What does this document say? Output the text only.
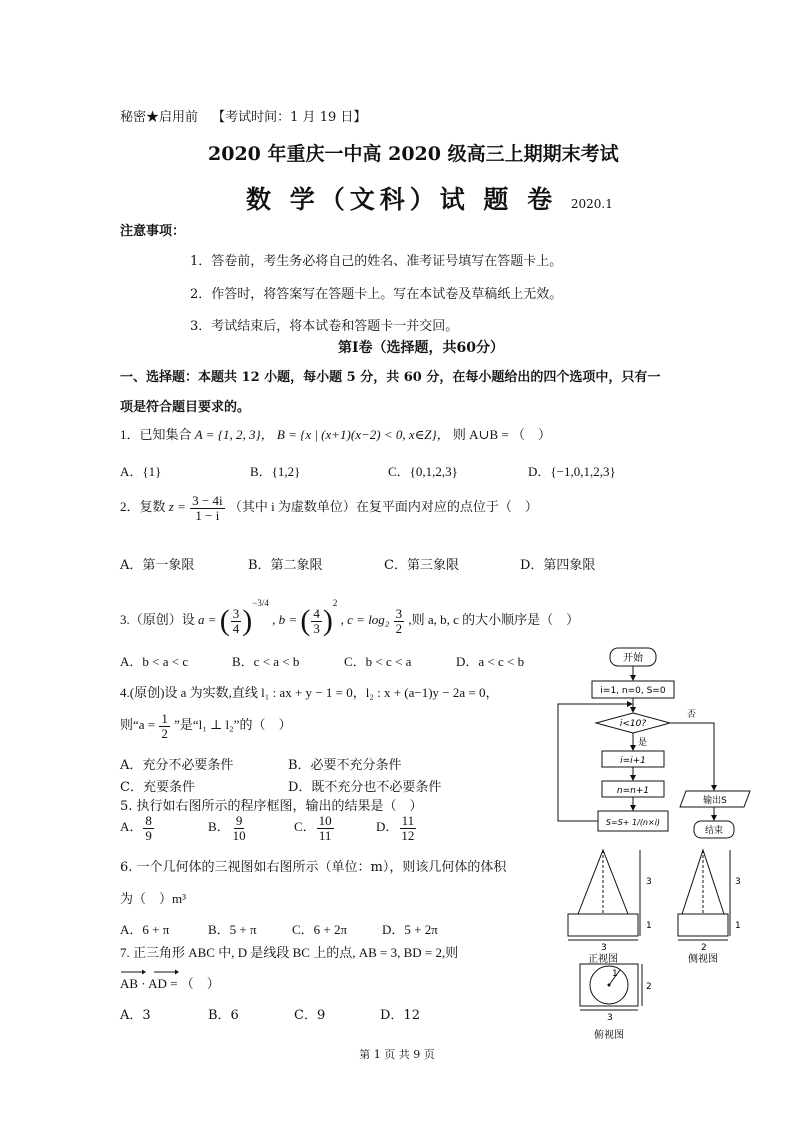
秘密★启用前 【考试时间：1 月 19 日】
2020 年重庆一中高 2020 级高三上期期末考试
数 学（文科）试 题 卷 2020.1
注意事项：
1．答卷前，考生务必将自己的姓名、准考证号填写在答题卡上。
2．作答时，将答案写在答题卡上。写在本试卷及草稿纸上无效。
3．考试结束后，将本试卷和答题卡一并交回。
第Ⅰ卷（选择题，共60分）
一、选择题：本题共 12 小题，每小题 5 分，共 60 分，在每小题给出的四个选项中，只有一
项是符合题目要求的。
1．已知集合 A = {1, 2, 3}， B = {x | (x+1)(x−2) < 0, x∈Z}， 则 A∪B = （　）
A．{1}	B．{1,2}	C．{0,1,2,3}	D．{−1,0,1,2,3}
2．复数 $z = \frac{3 - 4i}{1 - i}$ （其中 i 为虚数单位）在复平面内对应的点位于（　）
A．第一象限	B．第二象限	C．第三象限	D．第四象限
3.（原创）设 a = ( $\frac{3}{4} )^{-3/4}$ , b = ( $\frac{4}{3} )^2$ , $c = \log_2 \frac{3}{2}$ ,则 a, b, c 的大小顺序是（　）
A．b < a < c	B．c < a < b	C．b < c < a	D．a < c < b
4.(原创)设 a 为实数,直线 l₁ : ax + y − 1 = 0，l₂ : x + (a−1)y − 2a = 0，
则“$a = \frac{1}{2}$ ”是“l₁ ⊥ l₂”的（　）
A．充分不必要条件	B．必要不充分条件
C．充要条件	D．既不充分也不必要条件
5. 执行如右图所示的程序框图，输出的结果是（　）
A． $\frac{8}{9}$	B． $\frac{9}{10}$	C． $\frac{10}{11}$	D． $\frac{11}{12}$
6. 一个几何体的三视图如右图所示（单位：m），则该几何体的体积
为（　）m³
A．6 + π	B．5 + π	C．6 + 2π	D．5 + 2π
7. 正三角形 ABC 中, D 是线段 BC 上的点, AB = 3, BD = 2,则
AB · AD = （　）
A．3	B．6	C．9	D．12
开始
i=1, n=0, S=0
i<10?
否
是
i=i+1
n=n+1
S=S+ 1/(n×i)
输出S
结束
3
1
3
正视图
3
1
2
侧视图
1
2
3
俯视图
第 1 页 共 9 页
